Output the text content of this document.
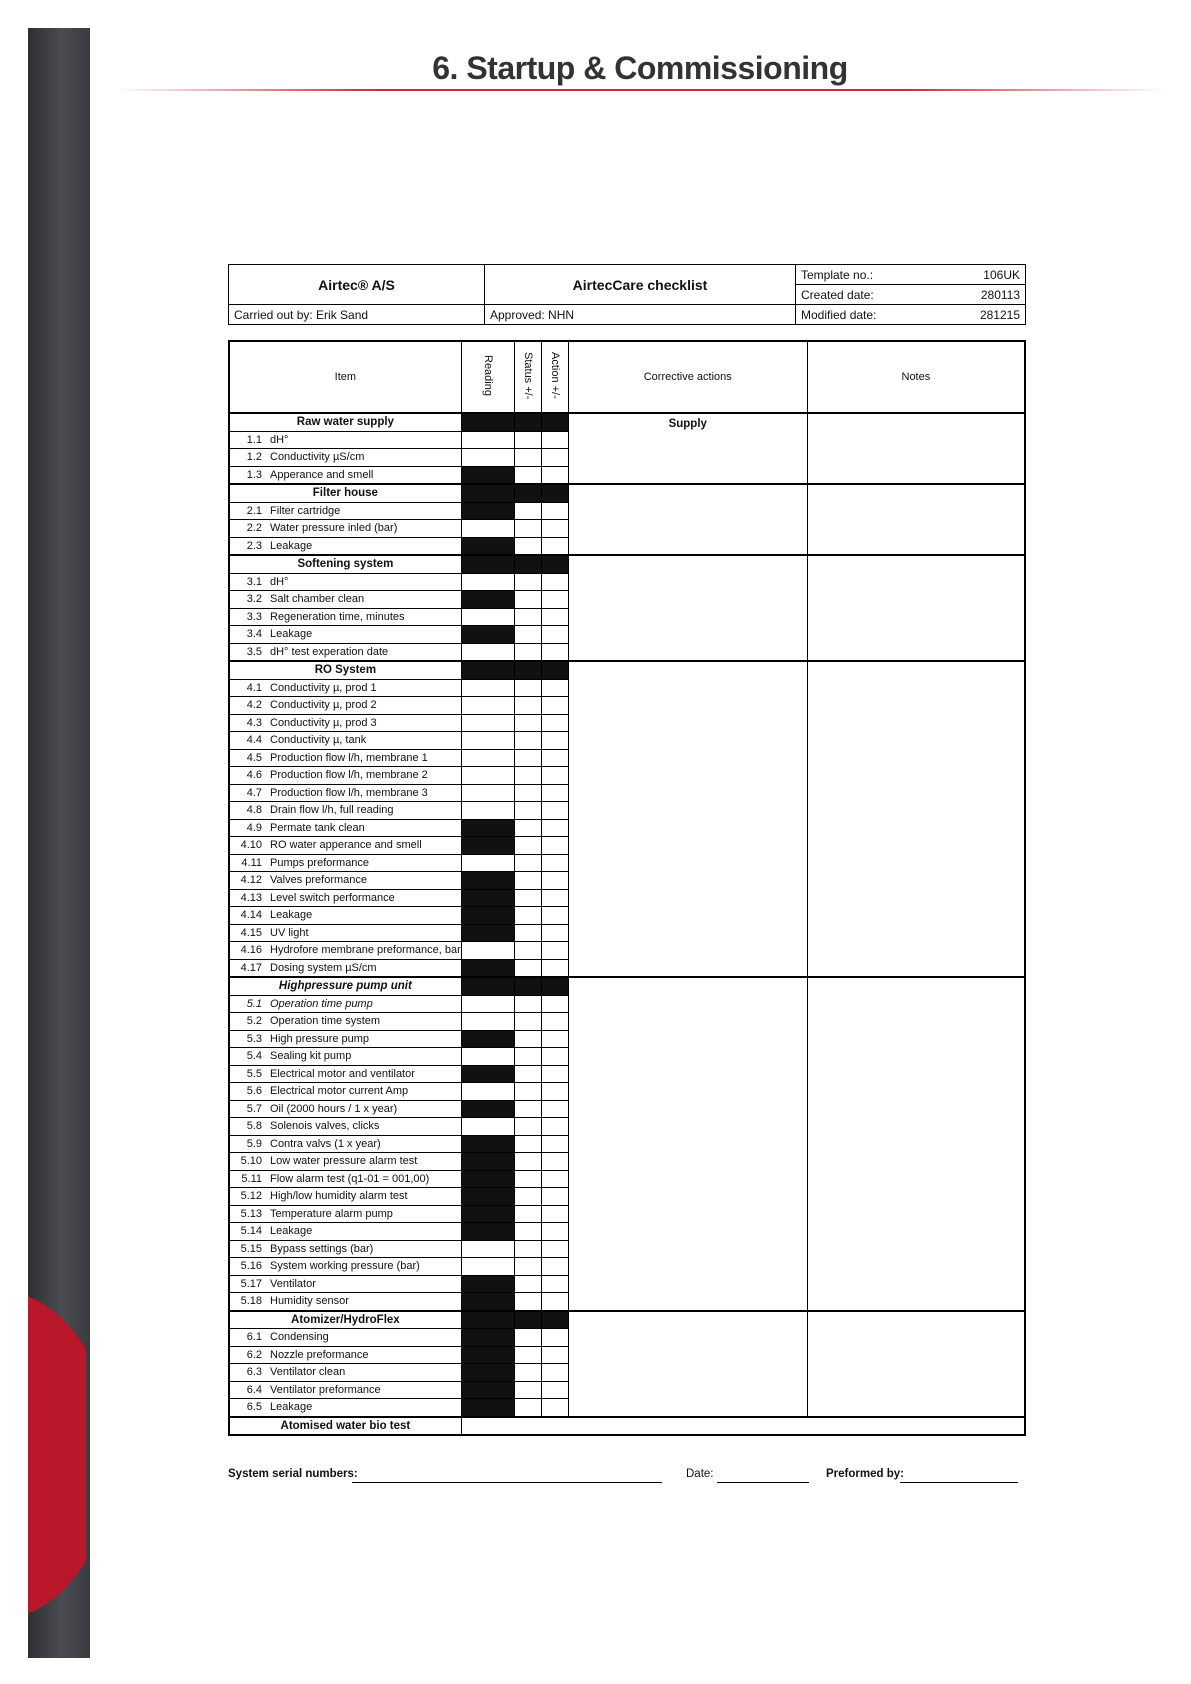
6. Startup & Commissioning
Airtec® A/S	AirtecCare checklist	Template no.:	106UK
		Created date:	280113
Carried out by: Erik Sand	Approved: NHN	Modified date:	281215
Item	Reading	Status +/-	Action +/-	Corrective actions	Notes
Raw water supply				Supply	
1.1 dH°					
1.2 Conductivity µS/cm					
1.3 Apperance and smell					
Filter house					
2.1 Filter cartridge					
2.2 Water pressure inled (bar)					
2.3 Leakage					
Softening system					
3.1 dH°					
3.2 Salt chamber clean					
3.3 Regeneration time, minutes					
3.4 Leakage					
3.5 dH° test experation date					
RO System					
4.1 Conductivity µ, prod 1					
4.2 Conductivity µ, prod 2					
4.3 Conductivity µ, prod 3					
4.4 Conductivity µ, tank					
4.5 Production flow l/h, membrane 1					
4.6 Production flow l/h, membrane 2					
4.7 Production flow l/h, membrane 3					
4.8 Drain flow l/h, full reading					
4.9 Permate tank clean					
4.10 RO water apperance and smell					
4.11 Pumps preformance					
4.12 Valves preformance					
4.13 Level switch performance					
4.14 Leakage					
4.15 UV light					
4.16 Hydrofore membrane preformance, bar					
4.17 Dosing system µS/cm					
Highpressure pump unit					
5.1 Operation time pump					
5.2 Operation time system					
5.3 High pressure pump					
5.4 Sealing kit pump					
5.5 Electrical motor and ventilator					
5.6 Electrical motor current Amp					
5.7 Oil (2000 hours / 1 x year)					
5.8 Solenois valves, clicks					
5.9 Contra valvs (1 x year)					
5.10 Low water pressure alarm test					
5.11 Flow alarm test (q1-01 = 001,00)					
5.12 High/low humidity alarm test					
5.13 Temperature alarm pump					
5.14 Leakage					
5.15 Bypass settings (bar)					
5.16 System working pressure (bar)					
5.17 Ventilator					
5.18 Humidity sensor					
Atomizer/HydroFlex					
6.1 Condensing					
6.2 Nozzle preformance					
6.3 Ventilator clean					
6.4 Ventilator preformance					
6.5 Leakage					
Atomised water bio test					
System serial numbers:	Date:	Preformed by:
